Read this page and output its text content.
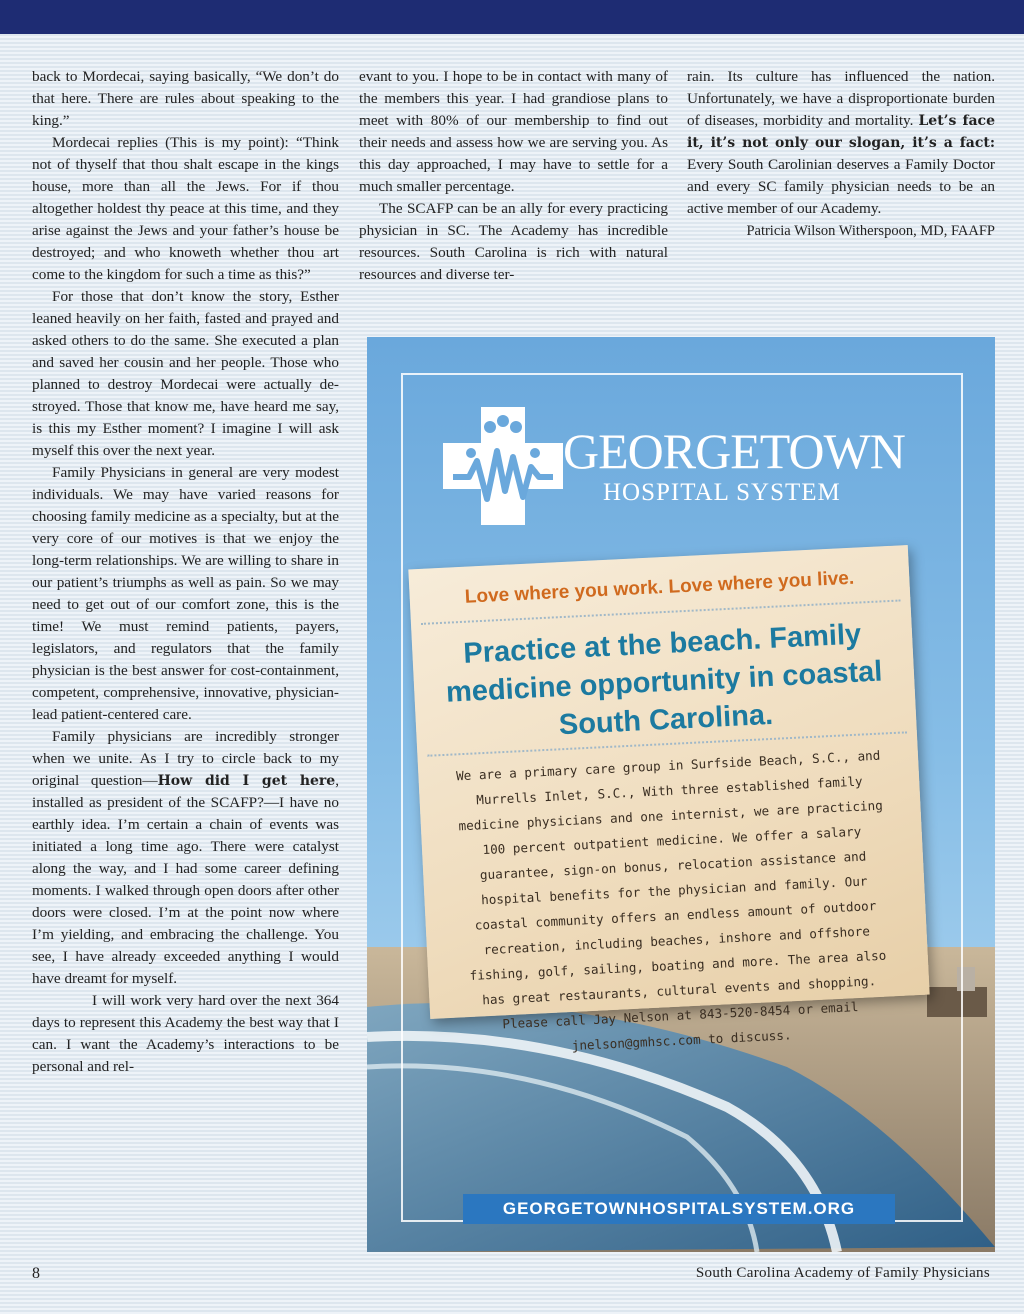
back to Mordecai, saying basically, “We don’t do that here. There are rules about speaking to the king.”

Mordecai replies (This is my point): “Think not of thyself that thou shalt escape in the kings house, more than all the Jews. For if thou altogether holdest thy peace at this time, and they arise against the Jews and your father’s house be destroyed; and who knoweth whether thou art come to the kingdom for such a time as this?”

For those that don’t know the story, Esther leaned heavily on her faith, fasted and prayed and asked others to do the same. She executed a plan and saved her cousin and her people. Those who planned to destroy Mordecai were actually de-stroyed. Those that know me, have heard me say, is this my Esther moment? I imagine I will ask myself this over the next year.

Family Physicians in general are very modest individuals. We may have varied reasons for choosing family medicine as a specialty, but at the very core of our motives is that we enjoy the long-term relationships. We are willing to share in our patient’s triumphs as well as pain. So we may need to get out of our comfort zone, this is the time! We must remind patients, payers, legislators, and regulators that the family physician is the best answer for cost-containment, competent, comprehensive, innovative, physician-lead patient-centered care.

Family physicians are incredibly stronger when we unite. As I try to circle back to my original question—How did I get here, installed as president of the SCAFP?—I have no earthly idea. I’m certain a chain of events was initiated a long time ago. There were catalyst along the way, and I had some career defining moments. I walked through open doors after other doors were closed. I’m at the point now where I’m yielding, and embracing the challenge. You see, I have already exceeded anything I would have dreamt for myself.

I will work very hard over the next 364 days to represent this Academy the best way that I can. I want the Academy’s interactions to be personal and rel-

evant to you. I hope to be in contact with many of the members this year. I had grandiose plans to meet with 80% of our membership to find out their needs and assess how we are serving you. As this day approached, I may have to settle for a much smaller percentage.

The SCAFP can be an ally for every practicing physician in SC. The Academy has incredible resources. South Carolina is rich with natural resources and diverse ter-

rain. Its culture has influenced the nation. Unfortunately, we have a disproportionate burden of diseases, morbidity and mortality. Let’s face it, it’s not only our slogan, it’s a fact: Every South Carolinian deserves a Family Doctor and every SC family physician needs to be an active member of our Academy.

Patricia Wilson Witherspoon, MD, FAAFP

GEORGETOWN
HOSPITAL SYSTEM
Love where you work. Love where you live.
Practice at the beach. Family medicine opportunity in coastal South Carolina.
We are a primary care group in Surfside Beach, S.C., and Murrells Inlet, S.C., With three established family medicine physicians and one internist, we are practicing 100 percent outpatient medicine. We offer a salary guarantee, sign-on bonus, relocation assistance and hospital benefits for the physician and family. Our coastal community offers an endless amount of outdoor recreation, including beaches, inshore and offshore fishing, golf, sailing, boating and more. The area also has great restaurants, cultural events and shopping. Please call Jay Nelson at 843-520-8454 or email jnelson@gmhsc.com to discuss.
GEORGETOWNHOSPITALSYSTEM.ORG
8	South Carolina Academy of Family Physicians
